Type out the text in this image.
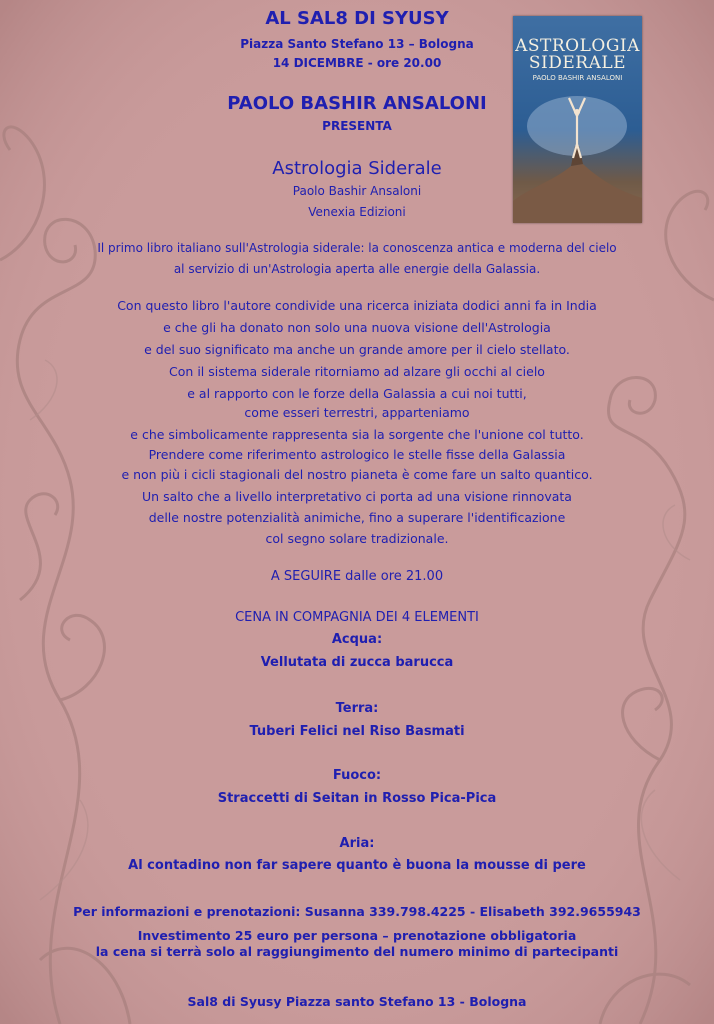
ASTROLOGIA
SIDERALE
PAOLO BASHIR ANSALONI

AL SAL8 DI SYUSY

Piazza Santo Stefano 13 – Bologna

14 DICEMBRE - ore 20.00

PAOLO BASHIR ANSALONI

PRESENTA

Astrologia Siderale

Paolo Bashir Ansaloni

Venexia Edizioni

Il primo libro italiano sull'Astrologia siderale: la conoscenza antica e moderna del cielo

al servizio di un'Astrologia aperta alle energie della Galassia.

Con questo libro l'autore condivide una ricerca iniziata dodici anni fa in India

e che gli ha donato non solo una nuova visione dell'Astrologia

e del suo significato ma anche un grande amore per il cielo stellato.

Con il sistema siderale ritorniamo ad alzare gli occhi al cielo

e al rapporto con le forze della Galassia a cui noi tutti,

come esseri terrestri, apparteniamo

e che simbolicamente rappresenta sia la sorgente che l'unione col tutto.

Prendere come riferimento astrologico le stelle fisse della Galassia

e non più i cicli stagionali del nostro pianeta è come fare un salto quantico.

Un salto che a livello interpretativo ci porta ad una visione rinnovata

delle nostre potenzialità animiche, fino a superare l'identificazione

col segno solare tradizionale.

A SEGUIRE dalle ore 21.00

CENA IN COMPAGNIA DEI 4 ELEMENTI

Acqua:

Vellutata di zucca barucca

Terra:

Tuberi Felici nel Riso Basmati

Fuoco:

Straccetti di Seitan in Rosso Pica-Pica

Aria:

Al contadino non far sapere quanto è buona la mousse di pere

Per informazioni e prenotazioni: Susanna 339.798.4225 - Elisabeth 392.9655943

Investimento 25 euro per persona – prenotazione obbligatoria

la cena si terrà solo al raggiungimento del numero minimo di partecipanti

Sal8 di Syusy Piazza santo Stefano 13 - Bologna
